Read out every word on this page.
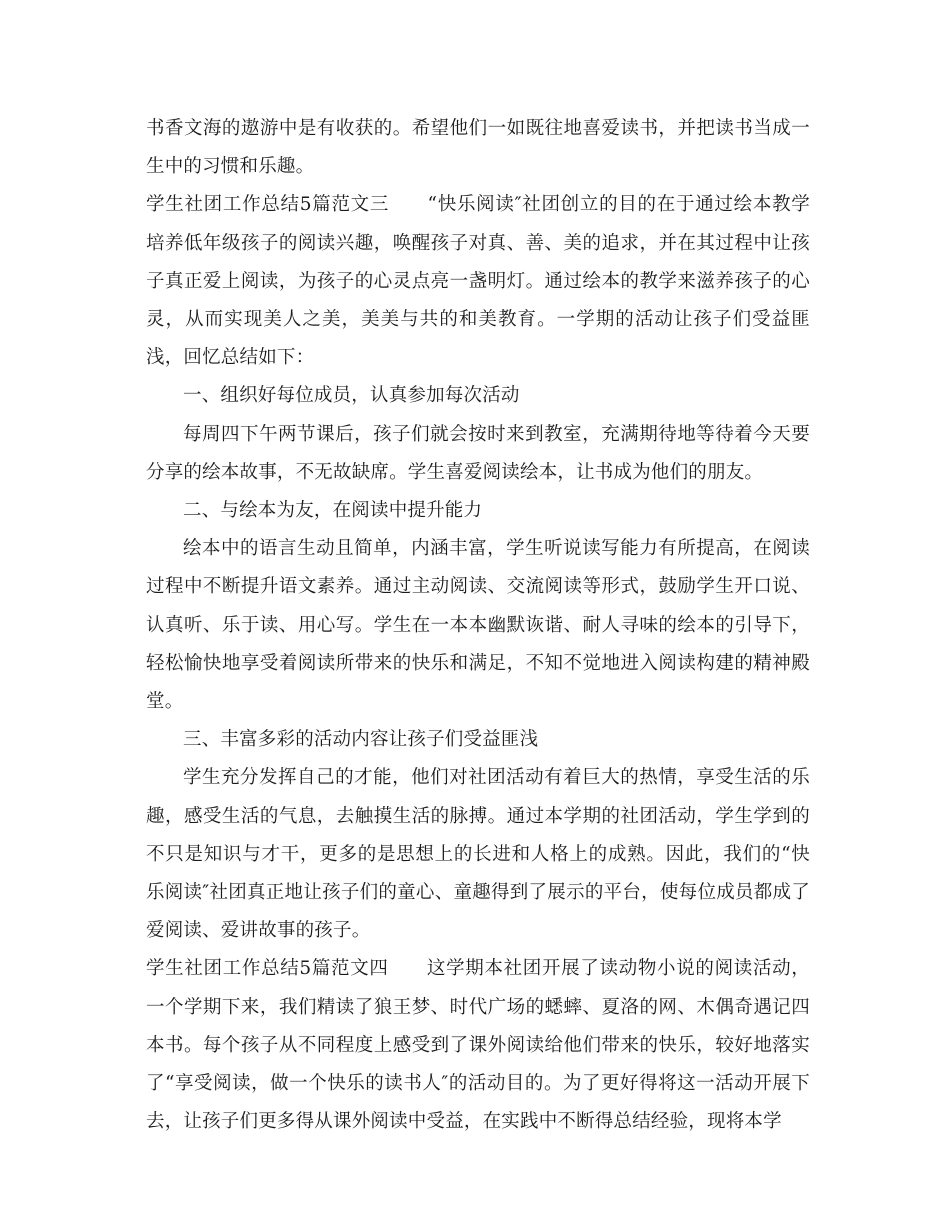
书香文海的遨游中是有收获的。希望他们一如既往地喜爱读书，并把读书当成一生中的习惯和乐趣。

学生社团工作总结5篇范文三　　“快乐阅读″社团创立的目的在于通过绘本教学培养低年级孩子的阅读兴趣，唤醒孩子对真、善、美的追求，并在其过程中让孩子真正爱上阅读，为孩子的心灵点亮一盏明灯。通过绘本的教学来滋养孩子的心灵，从而实现美人之美，美美与共的和美教育。一学期的活动让孩子们受益匪浅，回忆总结如下：

一、组织好每位成员，认真参加每次活动

每周四下午两节课后，孩子们就会按时来到教室，充满期待地等待着今天要分享的绘本故事，不无故缺席。学生喜爱阅读绘本，让书成为他们的朋友。

二、与绘本为友，在阅读中提升能力

绘本中的语言生动且简单，内涵丰富，学生听说读写能力有所提高，在阅读过程中不断提升语文素养。通过主动阅读、交流阅读等形式，鼓励学生开口说、认真听、乐于读、用心写。学生在一本本幽默诙谐、耐人寻味的绘本的引导下，轻松愉快地享受着阅读所带来的快乐和满足，不知不觉地进入阅读构建的精神殿堂。

三、丰富多彩的活动内容让孩子们受益匪浅

学生充分发挥自己的才能，他们对社团活动有着巨大的热情，享受生活的乐趣，感受生活的气息，去触摸生活的脉搏。通过本学期的社团活动，学生学到的不只是知识与才干，更多的是思想上的长进和人格上的成熟。因此，我们的“快乐阅读″社团真正地让孩子们的童心、童趣得到了展示的平台，使每位成员都成了爱阅读、爱讲故事的孩子。

学生社团工作总结5篇范文四　　这学期本社团开展了读动物小说的阅读活动，一个学期下来，我们精读了狼王梦、时代广场的蟋蟀、夏洛的网、木偶奇遇记四本书。每个孩子从不同程度上感受到了课外阅读给他们带来的快乐，较好地落实了“享受阅读，做一个快乐的读书人″的活动目的。为了更好得将这一活动开展下去，让孩子们更多得从课外阅读中受益，在实践中不断得总结经验，现将本学
